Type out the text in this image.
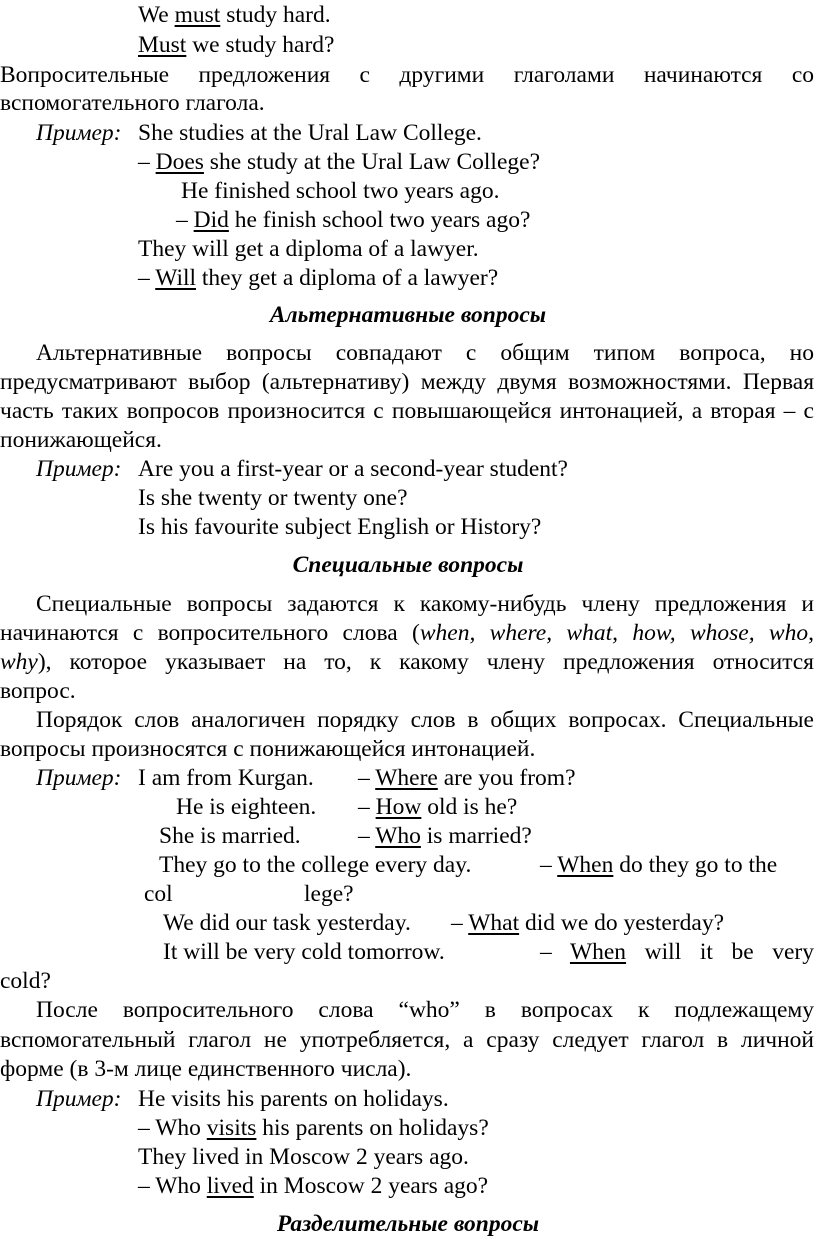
We must study hard.
Must we study hard?
Вопросительные предложения с другими глаголами начинаются со
вспомогательного глагола.
Пример: She studies at the Ural Law College.
– Does she study at the Ural Law College?
He finished school two years ago.
– Did he finish school two years ago?
They will get a diploma of a lawyer.
– Will they get a diploma of a lawyer?
Альтернативные вопросы
Альтернативные вопросы совпадают с общим типом вопроса, но
предусматривают выбор (альтернативу) между двумя возможностями. Первая
часть таких вопросов произносится с повышающейся интонацией, а вторая – с
понижающейся.
Пример: Are you a first-year or a second-year student?
Is she twenty or twenty one?
Is his favourite subject English or History?
Специальные вопросы
Специальные вопросы задаются к какому-нибудь члену предложения и
начинаются с вопросительного слова (when, where, what, how, whose, who,
why), которое указывает на то, к какому члену предложения относится
вопрос.
Порядок слов аналогичен порядку слов в общих вопросах. Специальные
вопросы произносятся с понижающейся интонацией.
Пример: I am from Kurgan. – Where are you from?
He is eighteen. – How old is he?
She is married. – Who is married?
They go to the college every day.	– When do they go to the
col	lege?
We did our task yesterday. – What did we do yesterday?
It will be very cold tomorrow.	– When will it be very
cold?
После вопросительного слова “who” в вопросах к подлежащему
вспомогательный глагол не употребляется, а сразу следует глагол в личной
форме (в 3-м лице единственного числа).
Пример: He visits his parents on holidays.
– Who visits his parents on holidays?
They lived in Moscow 2 years ago.
– Who lived in Moscow 2 years ago?
Разделительные вопросы
